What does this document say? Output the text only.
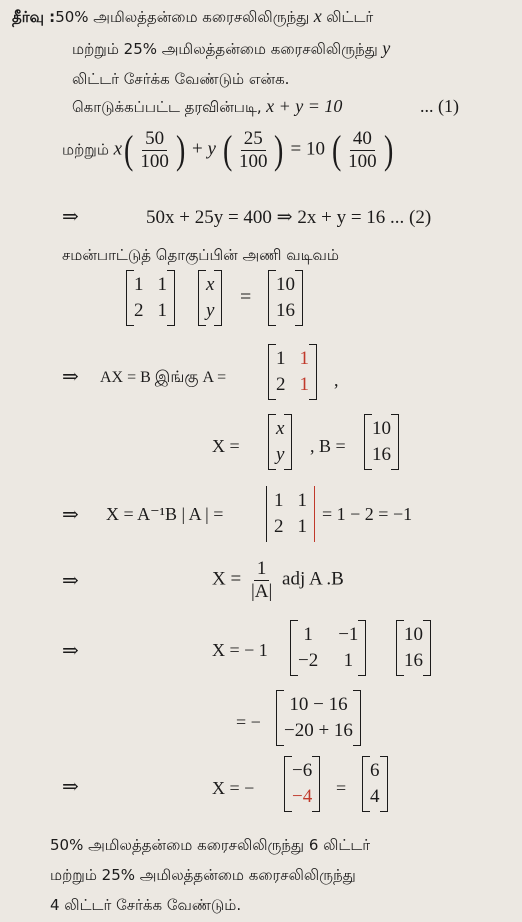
தீர்வு :50% அமிலத்தன்மை கரைசலிலிருந்து x லிட்டர்
மற்றும் 25% அமிலத்தன்மை கரைசலிலிருந்து y
லிட்டர் சேர்க்க வேண்டும் என்க.
கொடுக்கப்பட்ட தரவின்படி, x + y = 10	... (1)
மற்றும் $x( \frac{50}{100}$ ) + y ( $\frac{25}{100}$ ) = 10 ( $\frac{40}{100}$ )
⇒	50x + 25y = 400 ⇒ 2x + y = 16 ... (2)
சமன்பாட்டுத் தொகுப்பின் அணி வடிவம்
1 1
2 1
x
y
=
10
16
⇒ AX = B இங்கு A =
1 1
2 1 ,
X =
x
y , B =
10
16
⇒ X = A⁻¹B | A | =
1 1
2 1
= 1 − 2 = −1
⇒	$X = \frac{1}{|A|}$ adj A .B
⇒	X = − 1
1 −1
−2 1
10
16
= −
10 − 16
−20 + 16
⇒	X = −
−6
−4 =
6
4
50% அமிலத்தன்மை கரைசலிலிருந்து 6 லிட்டர்
மற்றும் 25% அமிலத்தன்மை கரைசலிலிருந்து
4 லிட்டர் சேர்க்க வேண்டும்.
